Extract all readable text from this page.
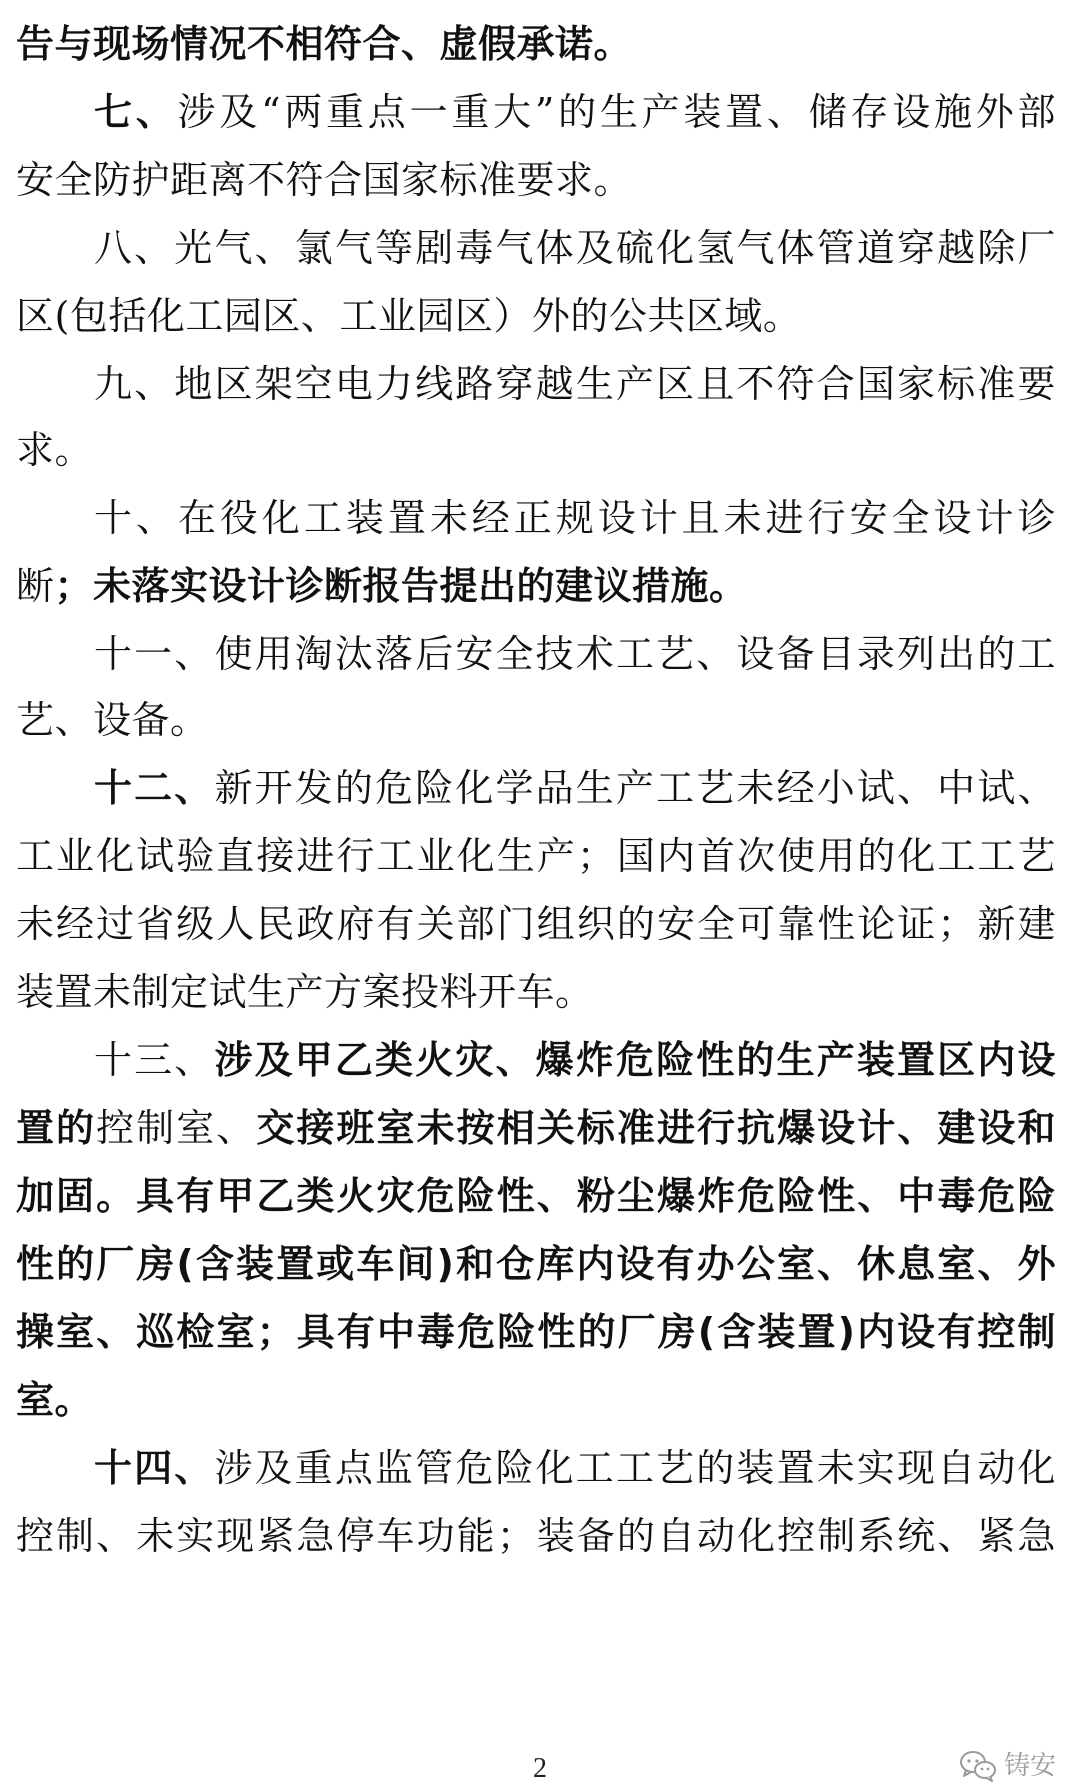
告与现场情况不相符合、虚假承诺。
七、涉及“两重点一重大”的生产装置、储存设施外部
安全防护距离不符合国家标准要求。
八、光气、氯气等剧毒气体及硫化氢气体管道穿越除厂
区(包括化工园区、工业园区）外的公共区域。
九、地区架空电力线路穿越生产区且不符合国家标准要
求。
十、在役化工装置未经正规设计且未进行安全设计诊
断；未落实设计诊断报告提出的建议措施。
十一、使用淘汰落后安全技术工艺、设备目录列出的工
艺、设备。
十二、新开发的危险化学品生产工艺未经小试、中试、
工业化试验直接进行工业化生产；国内首次使用的化工工艺
未经过省级人民政府有关部门组织的安全可靠性论证；新建
装置未制定试生产方案投料开车。
十三、涉及甲乙类火灾、爆炸危险性的生产装置区内设
置的控制室、交接班室未按相关标准进行抗爆设计、建设和
加固。具有甲乙类火灾危险性、粉尘爆炸危险性、中毒危险
性的厂房(含装置或车间)和仓库内设有办公室、休息室、外
操室、巡检室；具有中毒危险性的厂房(含装置)内设有控制
室。
十四、涉及重点监管危险化工工艺的装置未实现自动化
控制、未实现紧急停车功能；装备的自动化控制系统、紧急
2	铸安
